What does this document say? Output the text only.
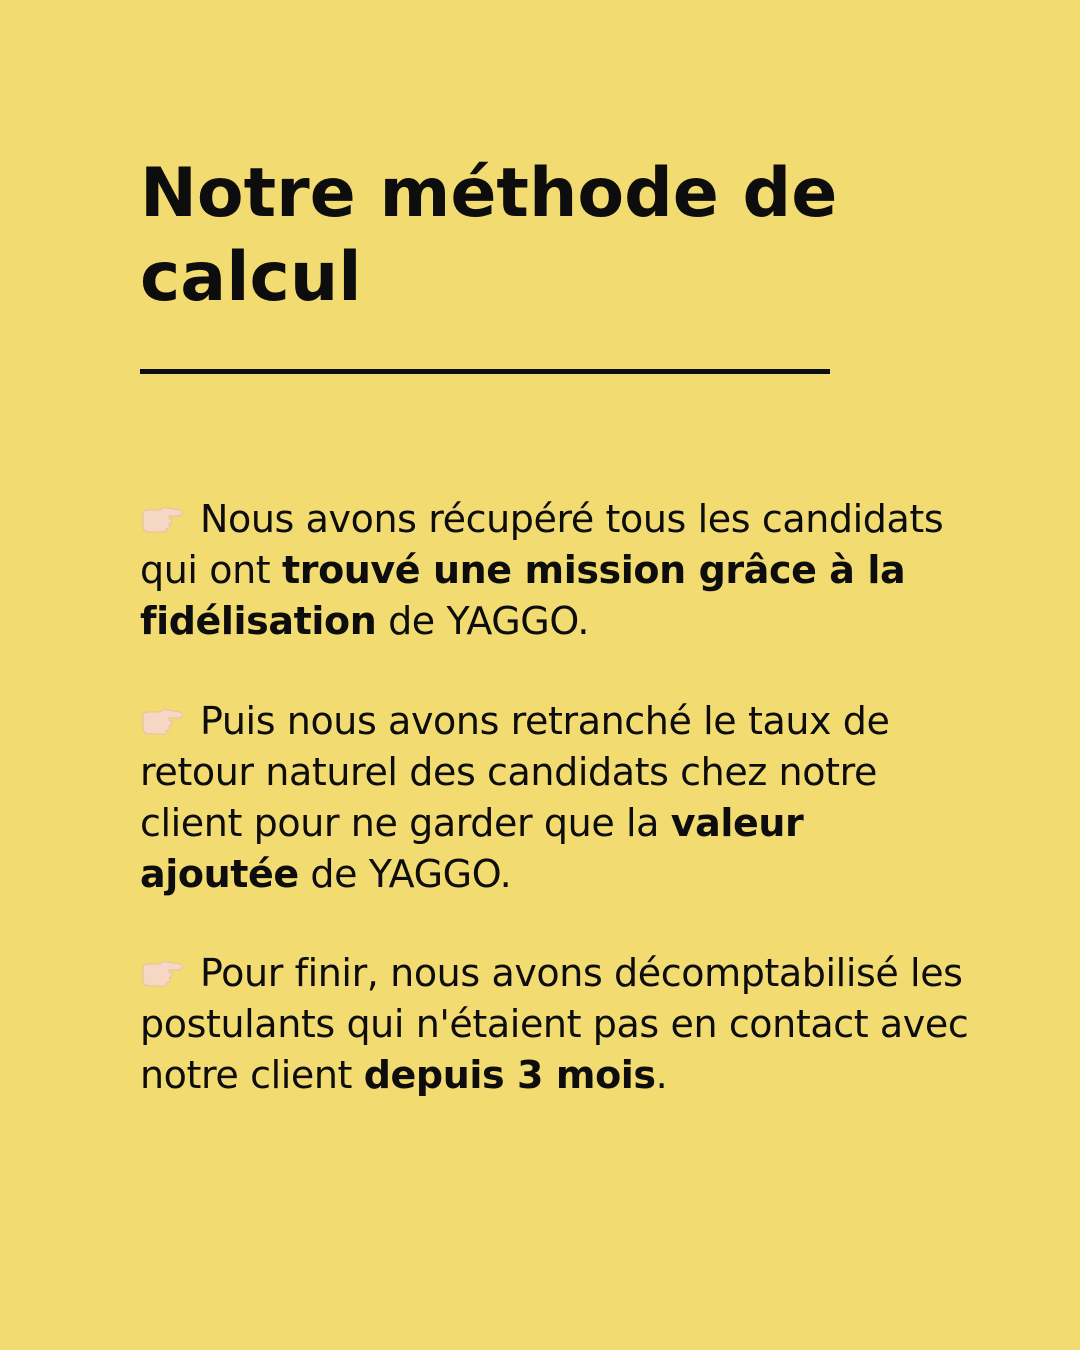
Notre méthode de
calcul

Nous avons récupéré tous les candidats qui ont trouvé une mission grâce à la fidélisation de YAGGO.

Puis nous avons retranché le taux de retour naturel des candidats chez notre client pour ne garder que la valeur ajoutée de YAGGO.

Pour finir, nous avons décomptabilisé les postulants qui n'étaient pas en contact avec notre client depuis 3 mois.
